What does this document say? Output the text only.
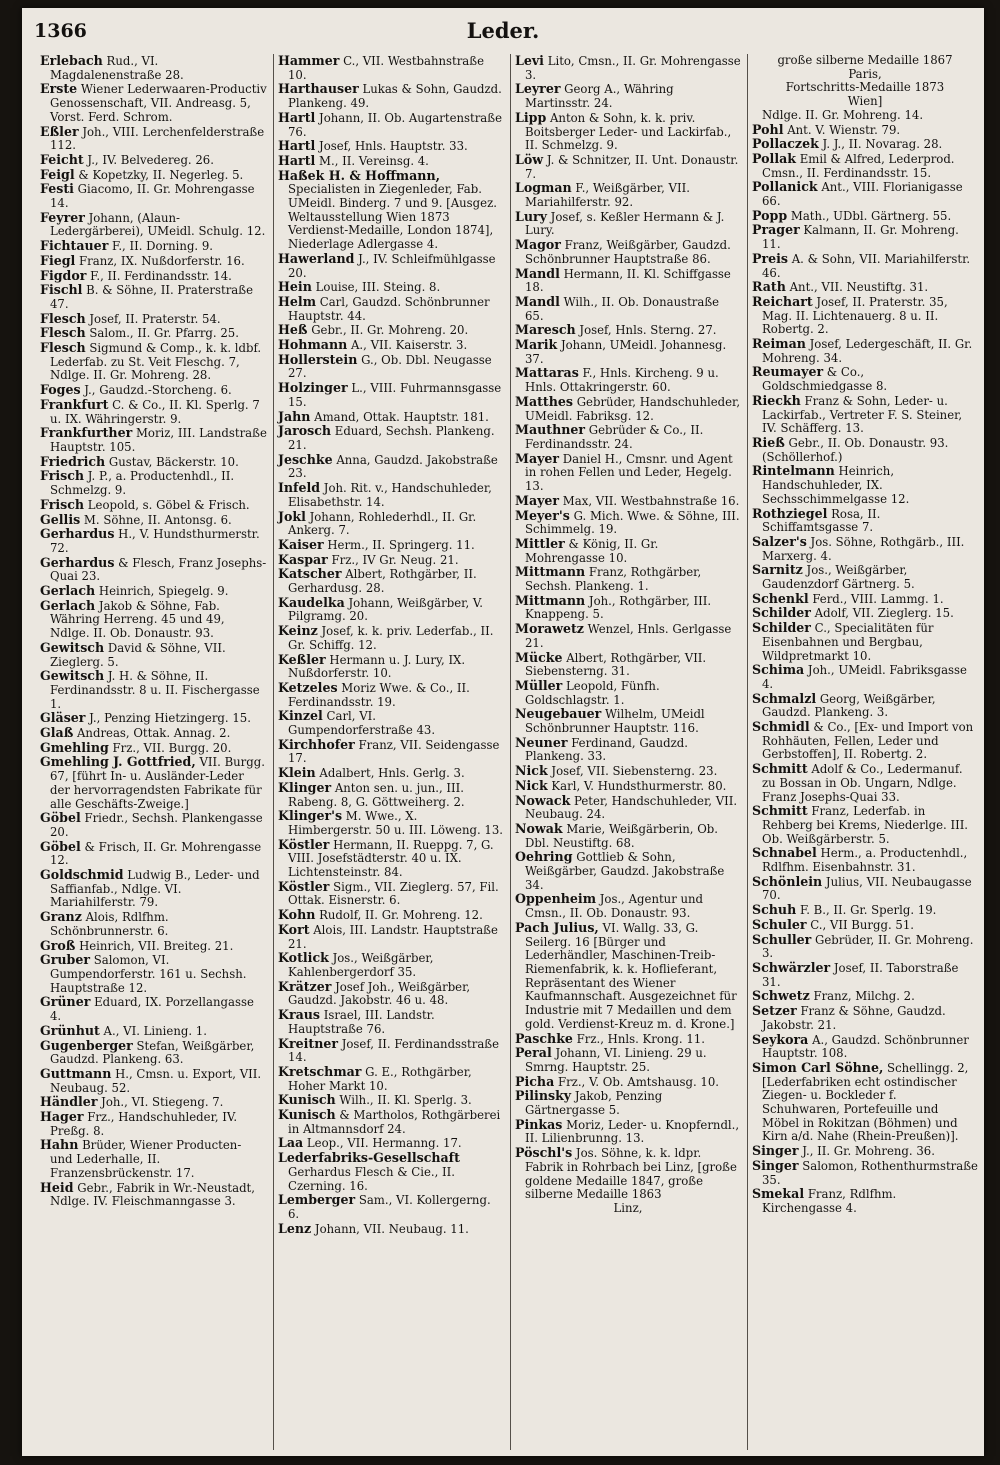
1366	Leder.

Erlebach Rud., VI. Magdalenenstraße 28.

Erste Wiener Lederwaaren-Productiv Genossenschaft, VII. Andreasg. 5, Vorst. Ferd. Schrom.

Eßler Joh., VIII. Lerchenfelderstraße 112.

Feicht J., IV. Belvedereg. 26.

Feigl & Kopetzky, II. Negerleg. 5.

Festi Giacomo, II. Gr. Mohrengasse 14.

Feyrer Johann, (Alaun-Ledergärberei), UMeidl. Schulg. 12.

Fichtauer F., II. Dorning. 9.

Fiegl Franz, IX. Nußdorferstr. 16.

Figdor F., II. Ferdinandsstr. 14.

Fischl B. & Söhne, II. Praterstraße 47.

Flesch Josef, II. Praterstr. 54.

Flesch Salom., II. Gr. Pfarrg. 25.

Flesch Sigmund & Comp., k. k. ldbf. Lederfab. zu St. Veit Fleschg. 7, Ndlge. II. Gr. Mohreng. 28.

Foges J., Gaudzd.-Storcheng. 6.

Frankfurt C. & Co., II. Kl. Sperlg. 7 u. IX. Währingerstr. 9.

Frankfurther Moriz, III. Landstraße Hauptstr. 105.

Friedrich Gustav, Bäckerstr. 10.

Frisch J. P., a. Productenhdl., II. Schmelzg. 9.

Frisch Leopold, s. Göbel & Frisch.

Gellis M. Söhne, II. Antonsg. 6.

Gerhardus H., V. Hundsthurmerstr. 72.

Gerhardus & Flesch, Franz Josephs-Quai 23.

Gerlach Heinrich, Spiegelg. 9.

Gerlach Jakob & Söhne, Fab. Währing Herreng. 45 und 49, Ndlge. II. Ob. Donaustr. 93.

Gewitsch David & Söhne, VII. Zieglerg. 5.

Gewitsch J. H. & Söhne, II. Ferdinandsstr. 8 u. II. Fischergasse 1.

Gläser J., Penzing Hietzingerg. 15.

Glaß Andreas, Ottak. Annag. 2.

Gmehling Frz., VII. Burgg. 20.

Gmehling J. Gottfried, VII. Burgg. 67, [führt In- u. Ausländer-Leder der hervorragendsten Fabrikate für alle Geschäfts-Zweige.]

Göbel Friedr., Sechsh. Plankengasse 20.

Göbel & Frisch, II. Gr. Mohrengasse 12.

Goldschmid Ludwig B., Leder- und Saffianfab., Ndlge. VI. Mariahilferstr. 79.

Granz Alois, Rdlfhm. Schönbrunnerstr. 6.

Groß Heinrich, VII. Breiteg. 21.

Gruber Salomon, VI. Gumpendorferstr. 161 u. Sechsh. Hauptstraße 12.

Grüner Eduard, IX. Porzellangasse 4.

Grünhut A., VI. Linieng. 1.

Gugenberger Stefan, Weißgärber, Gaudzd. Plankeng. 63.

Guttmann H., Cmsn. u. Export, VII. Neubaug. 52.

Händler Joh., VI. Stiegeng. 7.

Hager Frz., Handschuhleder, IV. Preßg. 8.

Hahn Brüder, Wiener Producten- und Lederhalle, II. Franzensbrückenstr. 17.

Heid Gebr., Fabrik in Wr.-Neustadt, Ndlge. IV. Fleischmanngasse 3.

Hammer C., VII. Westbahnstraße 10.

Harthauser Lukas & Sohn, Gaudzd. Plankeng. 49.

Hartl Johann, II. Ob. Augartenstraße 76.

Hartl Josef, Hnls. Hauptstr. 33.

Hartl M., II. Vereinsg. 4.

Haßek H. & Hoffmann, Specialisten in Ziegenleder, Fab. UMeidl. Binderg. 7 und 9. [Ausgez. Weltausstellung Wien 1873 Verdienst-Medaille, London 1874], Niederlage Adlergasse 4.

Hawerland J., IV. Schleifmühlgasse 20.

Hein Louise, III. Steing. 8.

Helm Carl, Gaudzd. Schönbrunner Hauptstr. 44.

Heß Gebr., II. Gr. Mohreng. 20.

Hohmann A., VII. Kaiserstr. 3.

Hollerstein G., Ob. Dbl. Neugasse 27.

Holzinger L., VIII. Fuhrmannsgasse 15.

Jahn Amand, Ottak. Hauptstr. 181.

Jarosch Eduard, Sechsh. Plankeng. 21.

Jeschke Anna, Gaudzd. Jakobstraße 23.

Infeld Joh. Rit. v., Handschuhleder, Elisabethstr. 14.

Jokl Johann, Rohlederhdl., II. Gr. Ankerg. 7.

Kaiser Herm., II. Springerg. 11.

Kaspar Frz., IV Gr. Neug. 21.

Katscher Albert, Rothgärber, II. Gerhardusg. 28.

Kaudelka Johann, Weißgärber, V. Pilgramg. 20.

Keinz Josef, k. k. priv. Lederfab., II. Gr. Schiffg. 12.

Keßler Hermann u. J. Lury, IX. Nußdorferstr. 10.

Ketzeles Moriz Wwe. & Co., II. Ferdinandsstr. 19.

Kinzel Carl, VI. Gumpendorferstraße 43.

Kirchhofer Franz, VII. Seidengasse 17.

Klein Adalbert, Hnls. Gerlg. 3.

Klinger Anton sen. u. jun., III. Rabeng. 8, G. Göttweiherg. 2.

Klinger's M. Wwe., X. Himbergerstr. 50 u. III. Löweng. 13.

Köstler Hermann, II. Rueppg. 7, G. VIII. Josefstädterstr. 40 u. IX. Lichtensteinstr. 84.

Köstler Sigm., VII. Zieglerg. 57, Fil. Ottak. Eisnerstr. 6.

Kohn Rudolf, II. Gr. Mohreng. 12.

Kort Alois, III. Landstr. Hauptstraße 21.

Kotlick Jos., Weißgärber, Kahlenbergerdorf 35.

Krätzer Josef Joh., Weißgärber, Gaudzd. Jakobstr. 46 u. 48.

Kraus Israel, III. Landstr. Hauptstraße 76.

Kreitner Josef, II. Ferdinandsstraße 14.

Kretschmar G. E., Rothgärber, Hoher Markt 10.

Kunisch Wilh., II. Kl. Sperlg. 3.

Kunisch & Martholos, Rothgärberei in Altmannsdorf 24.

Laa Leop., VII. Hermanng. 17.

Lederfabriks-Gesellschaft Gerhardus Flesch & Cie., II. Czerning. 16.

Lemberger Sam., VI. Kollergerng. 6.

Lenz Johann, VII. Neubaug. 11.

Levi Lito, Cmsn., II. Gr. Mohrengasse 3.

Leyrer Georg A., Währing Martinsstr. 24.

Lipp Anton & Sohn, k. k. priv. Boitsberger Leder- und Lackirfab., II. Schmelzg. 9.

Löw J. & Schnitzer, II. Unt. Donaustr. 7.

Logman F., Weißgärber, VII. Mariahilferstr. 92.

Lury Josef, s. Keßler Hermann & J. Lury.

Magor Franz, Weißgärber, Gaudzd. Schönbrunner Hauptstraße 86.

Mandl Hermann, II. Kl. Schiffgasse 18.

Mandl Wilh., II. Ob. Donaustraße 65.

Maresch Josef, Hnls. Sterng. 27.

Marik Johann, UMeidl. Johannesg. 37.

Mattaras F., Hnls. Kircheng. 9 u. Hnls. Ottakringerstr. 60.

Matthes Gebrüder, Handschuhleder, UMeidl. Fabriksg. 12.

Mauthner Gebrüder & Co., II. Ferdinandsstr. 24.

Mayer Daniel H., Cmsnr. und Agent in rohen Fellen und Leder, Hegelg. 13.

Mayer Max, VII. Westbahnstraße 16.

Meyer's G. Mich. Wwe. & Söhne, III. Schimmelg. 19.

Mittler & König, II. Gr. Mohrengasse 10.

Mittmann Franz, Rothgärber, Sechsh. Plankeng. 1.

Mittmann Joh., Rothgärber, III. Knappeng. 5.

Morawetz Wenzel, Hnls. Gerlgasse 21.

Mücke Albert, Rothgärber, VII. Siebensterng. 31.

Müller Leopold, Fünfh. Goldschlagstr. 1.

Neugebauer Wilhelm, UMeidl Schönbrunner Hauptstr. 116.

Neuner Ferdinand, Gaudzd. Plankeng. 33.

Nick Josef, VII. Siebensterng. 23.

Nick Karl, V. Hundsthurmerstr. 80.

Nowack Peter, Handschuhleder, VII. Neubaug. 24.

Nowak Marie, Weißgärberin, Ob. Dbl. Neustiftg. 68.

Oehring Gottlieb & Sohn, Weißgärber, Gaudzd. Jakobstraße 34.

Oppenheim Jos., Agentur und Cmsn., II. Ob. Donaustr. 93.

Pach Julius, VI. Wallg. 33, G. Seilerg. 16 [Bürger und Lederhändler, Maschinen-Treib-Riemenfabrik, k. k. Hoflieferant, Repräsentant des Wiener Kaufmannschaft. Ausgezeichnet für Industrie mit 7 Medaillen und dem gold. Verdienst-Kreuz m. d. Krone.]

Paschke Frz., Hnls. Krong. 11.

Peral Johann, VI. Linieng. 29 u. Smrng. Hauptstr. 25.

Picha Frz., V. Ob. Amtshausg. 10.

Pilinsky Jakob, Penzing Gärtnergasse 5.

Pinkas Moriz, Leder- u. Knopferndl., II. Lilienbrunng. 13.

Pöschl's Jos. Söhne, k. k. ldpr. Fabrik in Rohrbach bei Linz, [große goldene Medaille 1847, große silberne Medaille 1863

Linz,

große silberne Medaille 1867

Paris,

Fortschritts-Medaille 1873

Wien]

Ndlge. II. Gr. Mohreng. 14.

Pohl Ant. V. Wienstr. 79.

Pollaczek J. J., II. Novarag. 28.

Pollak Emil & Alfred, Lederprod. Cmsn., II. Ferdinandsstr. 15.

Pollanick Ant., VIII. Florianigasse 66.

Popp Math., UDbl. Gärtnerg. 55.

Prager Kalmann, II. Gr. Mohreng. 11.

Preis A. & Sohn, VII. Mariahilferstr. 46.

Rath Ant., VII. Neustiftg. 31.

Reichart Josef, II. Praterstr. 35, Mag. II. Lichtenauerg. 8 u. II. Robertg. 2.

Reiman Josef, Ledergeschäft, II. Gr. Mohreng. 34.

Reumayer & Co., Goldschmiedgasse 8.

Rieckh Franz & Sohn, Leder- u. Lackirfab., Vertreter F. S. Steiner, IV. Schäfferg. 13.

Rieß Gebr., II. Ob. Donaustr. 93. (Schöllerhof.)

Rintelmann Heinrich, Handschuhleder, IX. Sechsschimmelgasse 12.

Rothziegel Rosa, II. Schiffamtsgasse 7.

Salzer's Jos. Söhne, Rothgärb., III. Marxerg. 4.

Sarnitz Jos., Weißgärber, Gaudenzdorf Gärtnerg. 5.

Schenkl Ferd., VIII. Lammg. 1.

Schilder Adolf, VII. Zieglerg. 15.

Schilder C., Specialitäten für Eisenbahnen und Bergbau, Wildpretmarkt 10.

Schima Joh., UMeidl. Fabriksgasse 4.

Schmalzl Georg, Weißgärber, Gaudzd. Plankeng. 3.

Schmidl & Co., [Ex- und Import von Rohhäuten, Fellen, Leder und Gerbstoffen], II. Robertg. 2.

Schmitt Adolf & Co., Ledermanuf. zu Bossan in Ob. Ungarn, Ndlge. Franz Josephs-Quai 33.

Schmitt Franz, Lederfab. in Rehberg bei Krems, Niederlge. III. Ob. Weißgärberstr. 5.

Schnabel Herm., a. Productenhdl., Rdlfhm. Eisenbahnstr. 31.

Schönlein Julius, VII. Neubaugasse 70.

Schuh F. B., II. Gr. Sperlg. 19.

Schuler C., VII Burgg. 51.

Schuller Gebrüder, II. Gr. Mohreng. 3.

Schwärzler Josef, II. Taborstraße 31.

Schwetz Franz, Milchg. 2.

Setzer Franz & Söhne, Gaudzd. Jakobstr. 21.

Seykora A., Gaudzd. Schönbrunner Hauptstr. 108.

Simon Carl Söhne, Schellingg. 2, [Lederfabriken echt ostindischer Ziegen- u. Bockleder f. Schuhwaren, Portefeuille und Möbel in Rokitzan (Böhmen) und Kirn a/d. Nahe (Rhein-Preußen)].

Singer J., II. Gr. Mohreng. 36.

Singer Salomon, Rothenthurmstraße 35.

Smekal Franz, Rdlfhm. Kirchengasse 4.
